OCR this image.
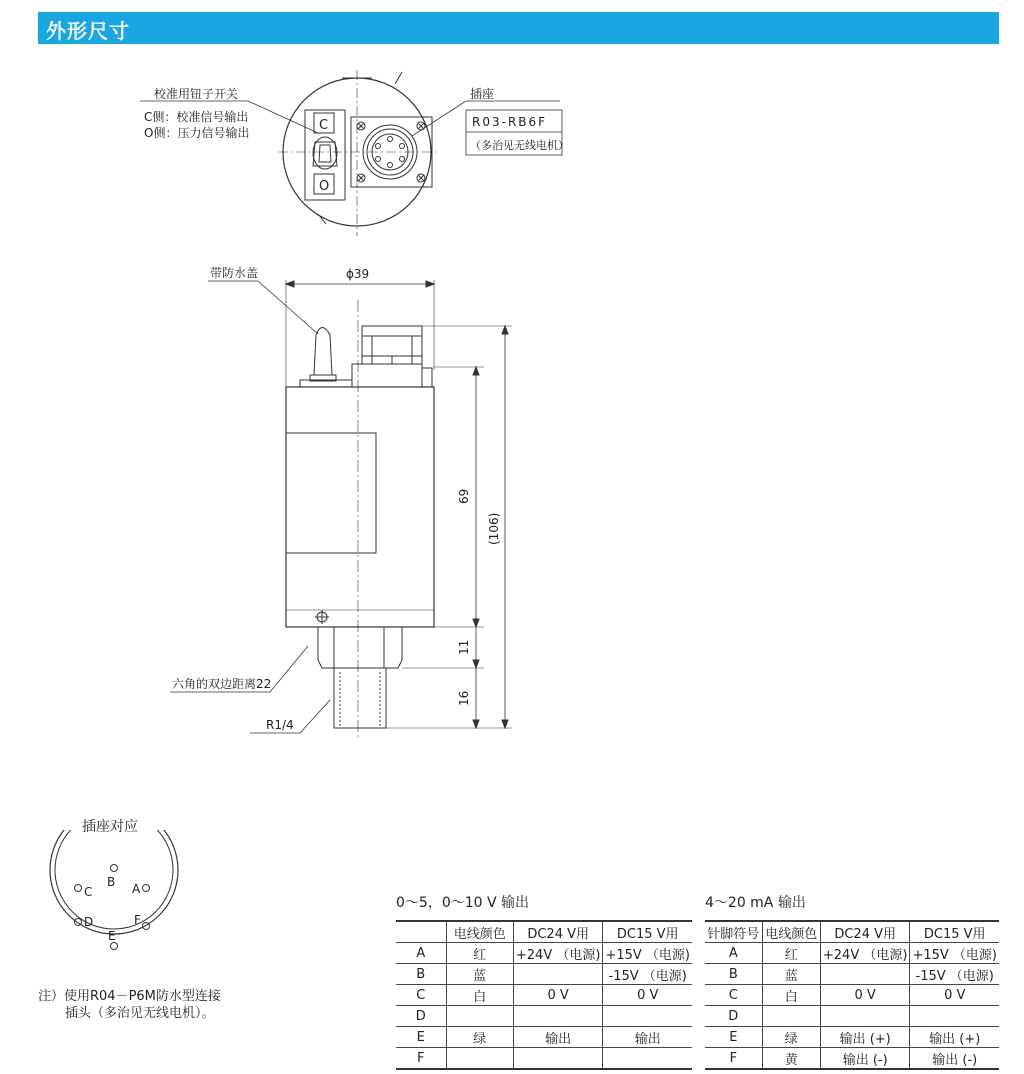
外形尺寸
校准用钮子开关
C侧：校准信号输出
O侧：压力信号输出	C
O
插座
R03-RB6F
（多治见无线电机）
带防水盖	ϕ39
69
(106)
11
16
六角的双边距离22
R1/4
B A
C
D	F
E
插座对应
注）使用R04－P6M防水型连接
插头（多治见无线电机）。
0～5，0～10 V 输出
	电线颜色	DC24 V用	DC15 V用
A	红	+24V （电源)	+15V （电源)
B	蓝		-15V （电源)
C	白	0 V	0 V
D			
E	绿	输出	输出
F			
4～20 mA 输出
针脚符号	电线颜色	DC24 V用	DC15 V用
A	红	+24V （电源)	+15V （电源)
B	蓝		-15V （电源)
C	白	0 V	0 V
D			
E	绿	输出 (+)	输出 (+)
F	黄	输出 (-)	输出 (-)
